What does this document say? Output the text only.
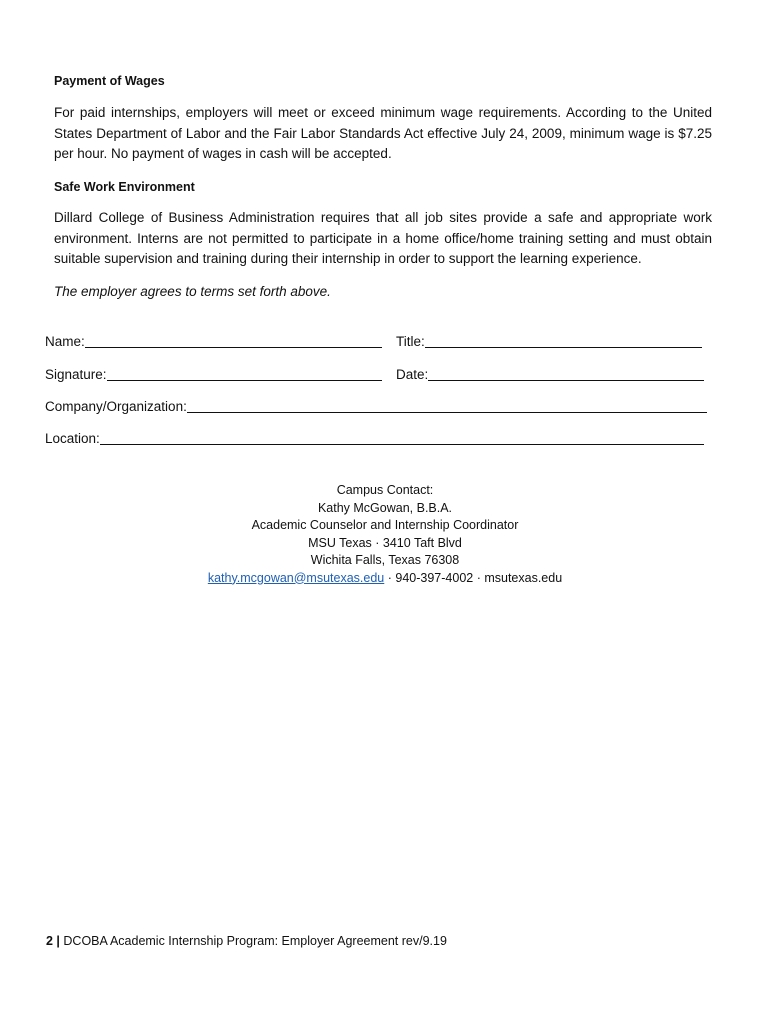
Payment of Wages
For paid internships, employers will meet or exceed minimum wage requirements. According to the United States Department of Labor and the Fair Labor Standards Act effective July 24, 2009, minimum wage is $7.25 per hour. No payment of wages in cash will be accepted.
Safe Work Environment
Dillard College of Business Administration requires that all job sites provide a safe and appropriate work environment. Interns are not permitted to participate in a home office/home training setting and must obtain suitable supervision and training during their internship in order to support the learning experience.
The employer agrees to terms set forth above.
Name:	Title:
Signature:	Date:
Company/Organization:
Location:
Campus Contact:
Kathy McGowan, B.B.A.
Academic Counselor and Internship Coordinator
MSU Texas · 3410 Taft Blvd
Wichita Falls, Texas 76308
kathy.mcgowan@msutexas.edu · 940-397-4002 · msutexas.edu
2 | DCOBA Academic Internship Program: Employer Agreement rev/9.19
